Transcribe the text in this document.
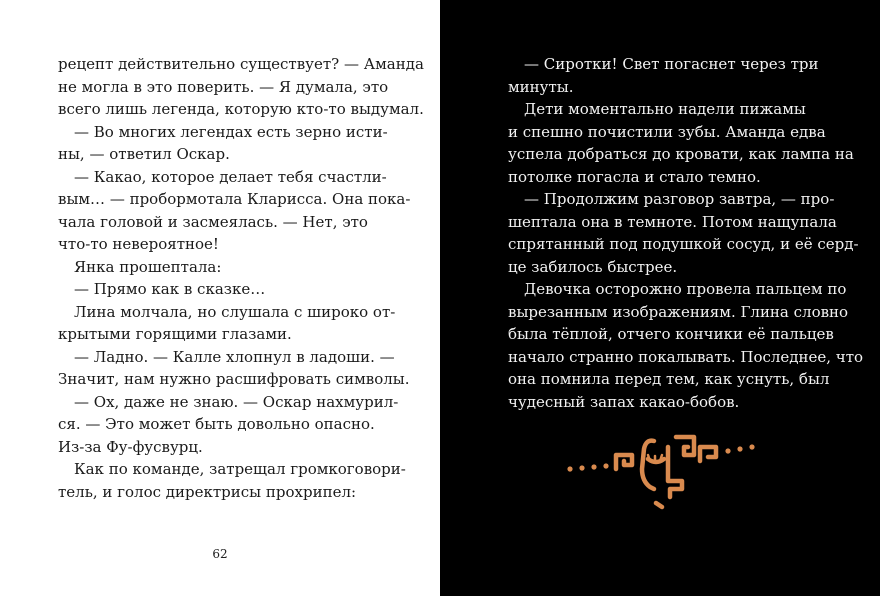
рецепт действительно существует? — Аманда
не могла в это поверить. — Я думала, это
всего лишь легенда, которую кто-то выдумал.
— Во многих легендах есть зерно исти-
ны, — ответил Оскар.
— Какао, которое делает тебя счастли-
вым… — пробормотала Кларисса. Она пока-
чала головой и засмеялась. — Нет, это
что-то невероятное!
Янка прошептала:
— Прямо как в сказке…
Лина молчала, но слушала с широко от-
крытыми горящими глазами.
— Ладно. — Калле хлопнул в ладоши. —
Значит, нам нужно расшифровать символы.
— Ох, даже не знаю. — Оскар нахмурил-
ся. — Это может быть довольно опасно.
Из-за Фу-фусвурц.
Как по команде, затрещал громкоговори-
тель, и голос директрисы прохрипел:
62
— Сиротки! Свет погаснет через три
минуты.
Дети моментально надели пижамы
и спешно почистили зубы. Аманда едва
успела добраться до кровати, как лампа на
потолке погасла и стало темно.
— Продолжим разговор завтра, — про-
шептала она в темноте. Потом нащупала
спрятанный под подушкой сосуд, и её серд-
це забилось быстрее.
Девочка осторожно провела пальцем по
вырезанным изображениям. Глина словно
была тёплой, отчего кончики её пальцев
начало странно покалывать. Последнее, что
она помнила перед тем, как уснуть, был
чудесный запах какао-бобов.
